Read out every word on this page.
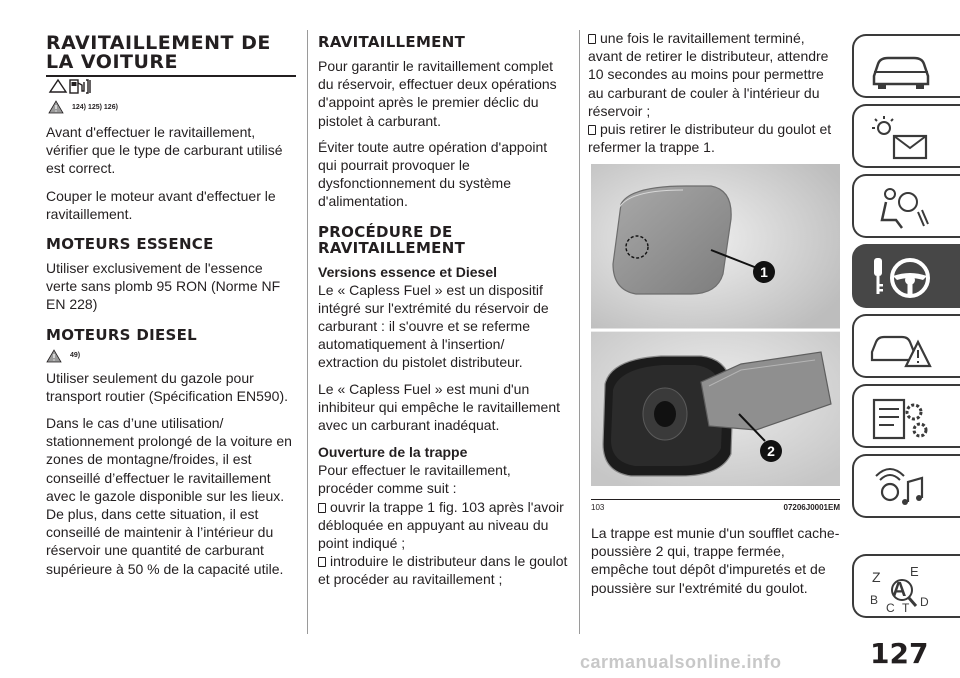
RAVITAILLEMENT DE
LA VOITURE
124) 125) 126)

Avant d'effectuer le ravitaillement, vérifier que le type de carburant utilisé est correct.

Couper le moteur avant d'effectuer le ravitaillement.

MOTEURS ESSENCE

Utiliser exclusivement de l'essence verte sans plomb 95 RON (Norme NF EN 228)

MOTEURS DIESEL
49)

Utiliser seulement du gazole pour transport routier (Spécification EN590).

Dans le cas d’une utilisation/ stationnement prolongé de la voiture en zones de montagne/froides, il est conseillé d’effectuer le ravitaillement avec le gazole disponible sur les lieux. De plus, dans cette situation, il est conseillé de maintenir à l’intérieur du réservoir une quantité de carburant supérieure à 50 % de la capacité utile.

RAVITAILLEMENT

Pour garantir le ravitaillement complet du réservoir, effectuer deux opérations d'appoint après le premier déclic du pistolet à carburant.

Éviter toute autre opération d'appoint qui pourrait provoquer le dysfonctionnement du système d'alimentation.

PROCÉDURE DE
RAVITAILLEMENT

Versions essence et Diesel

Le « Capless Fuel » est un dispositif intégré sur l'extrémité du réservoir de carburant : il s'ouvre et se referme automatiquement à l'insertion/ extraction du pistolet distributeur.

Le « Capless Fuel » est muni d'un inhibiteur qui empêche le ravitaillement avec un carburant inadéquat.

Ouverture de la trappe

Pour effectuer le ravitaillement, procéder comme suit :

ouvrir la trappe 1 fig. 103 après l'avoir débloquée en appuyant au niveau du point indiqué ;

introduire le distributeur dans le goulot et procéder au ravitaillement ;

une fois le ravitaillement terminé, avant de retirer le distributeur, attendre 10 secondes au moins pour permettre au carburant de couler à l'intérieur du réservoir ;

puis retirer le distributeur du goulot et refermer la trappe 1.

1
2
103	07206J0001EM

La trappe est munie d'un soufflet cache-poussière 2 qui, trappe fermée, empêche tout dépôt d'impuretés et de poussière sur l'extrémité du goulot.

Z E
A
B
C T D
127
carmanualsonline.info
